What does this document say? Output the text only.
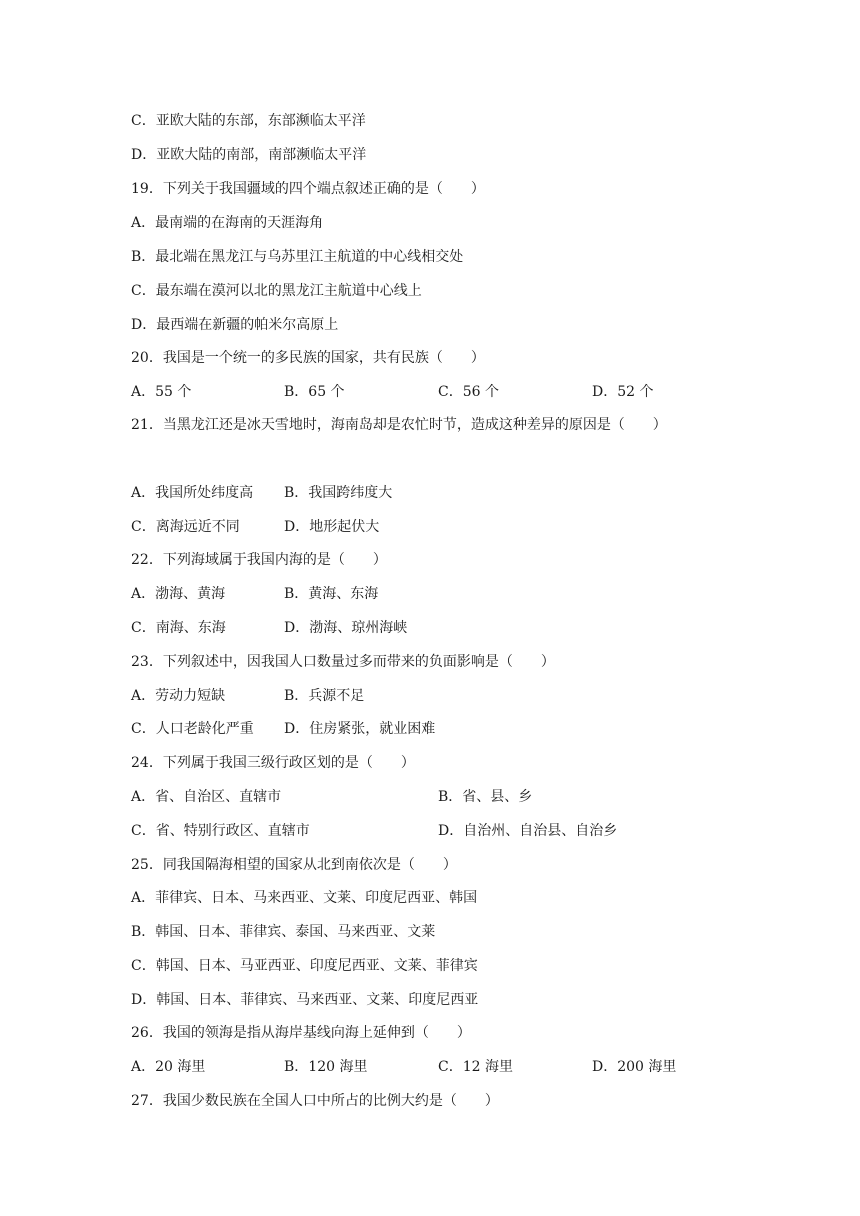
C．亚欧大陆的东部，东部濒临太平洋
D．亚欧大陆的南部，南部濒临太平洋
19．下列关于我国疆域的四个端点叙述正确的是（　　）
A．最南端的在海南的天涯海角
B．最北端在黑龙江与乌苏里江主航道的中心线相交处
C．最东端在漠河以北的黑龙江主航道中心线上
D．最西端在新疆的帕米尔高原上
20．我国是一个统一的多民族的国家，共有民族（　　）
A．55 个	B．65 个	C．56 个	D．52 个
21．当黑龙江还是冰天雪地时，海南岛却是农忙时节，造成这种差异的原因是（　　）
A．我国所处纬度高 B．我国跨纬度大
C．离海远近不同	D．地形起伏大
22．下列海域属于我国内海的是（　　）
A．渤海、黄海	B．黄海、东海
C．南海、东海	D．渤海、琼州海峡
23．下列叙述中，因我国人口数量过多而带来的负面影响是（　　）
A．劳动力短缺	B．兵源不足
C．人口老龄化严重 D．住房紧张，就业困难
24．下列属于我国三级行政区划的是（　　）
A．省、自治区、直辖市	B．省、县、乡
C．省、特别行政区、直辖市	D．自治州、自治县、自治乡
25．同我国隔海相望的国家从北到南依次是（　　）
A．菲律宾、日本、马来西亚、文莱、印度尼西亚、韩国
B．韩国、日本、菲律宾、泰国、马来西亚、文莱
C．韩国、日本、马亚西亚、印度尼西亚、文莱、菲律宾
D．韩国、日本、菲律宾、马来西亚、文莱、印度尼西亚
26．我国的领海是指从海岸基线向海上延伸到（　　）
A．20 海里	B．120 海里	C．12 海里	D．200 海里
27．我国少数民族在全国人口中所占的比例大约是（　　）
